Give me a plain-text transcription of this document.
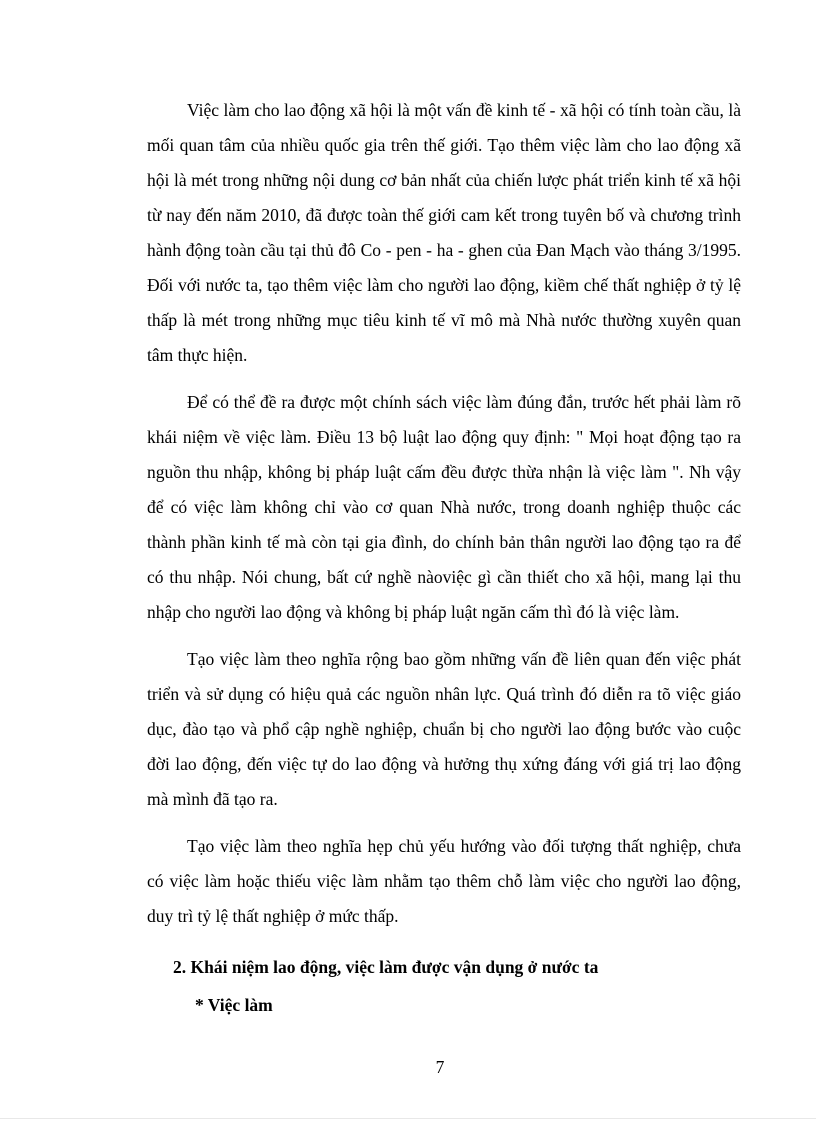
Việc làm cho lao động xã hội là một vấn đề kinh tế - xã hội có tính toàn cầu, là mối quan tâm của nhiều quốc gia trên thế giới. Tạo thêm việc làm cho lao động xã hội là mét trong những nội dung cơ bản nhất của chiến lược phát triển kinh tế xã hội từ nay đến năm 2010, đã được toàn thế giới cam kết trong tuyên bố và chương trình hành động toàn cầu tại thủ đô Co - pen - ha - ghen của Đan Mạch vào tháng 3/1995. Đối với nước ta, tạo thêm việc làm cho người lao động, kiềm chế thất nghiệp ở tỷ lệ thấp là mét trong những mục tiêu kinh tế vĩ mô mà Nhà nước thường xuyên quan tâm thực hiện.

Để có thể đề ra được một chính sách việc làm đúng đắn, trước hết phải làm rõ khái niệm về việc làm. Điều 13 bộ luật lao động quy định: " Mọi hoạt động tạo ra nguồn thu nhập, không bị pháp luật cấm đều được thừa nhận là việc làm ". Nh vậy để có việc làm không chỉ vào cơ quan Nhà nước, trong doanh nghiệp thuộc các thành phần kinh tế mà còn tại gia đình, do chính bản thân người lao động tạo ra để có thu nhập. Nói chung, bất cứ nghề nàoviệc gì cần thiết cho xã hội, mang lại thu nhập cho người lao động và không bị pháp luật ngăn cấm thì đó là việc làm.

Tạo việc làm theo nghĩa rộng bao gồm những vấn đề liên quan đến việc phát triển và sử dụng có hiệu quả các nguồn nhân lực. Quá trình đó diễn ra tõ việc giáo dục, đào tạo và phổ cập nghề nghiệp, chuẩn bị cho người lao động bước vào cuộc đời lao động, đến việc tự do lao động và hưởng thụ xứng đáng với giá trị lao động mà mình đã tạo ra.

Tạo việc làm theo nghĩa hẹp chủ yếu hướng vào đối tượng thất nghiệp, chưa có việc làm hoặc thiếu việc làm nhằm tạo thêm chỗ làm việc cho người lao động, duy trì tỷ lệ thất nghiệp ở mức thấp.

2. Khái niệm lao động, việc làm được vận dụng ở nước ta

* Việc làm

7
